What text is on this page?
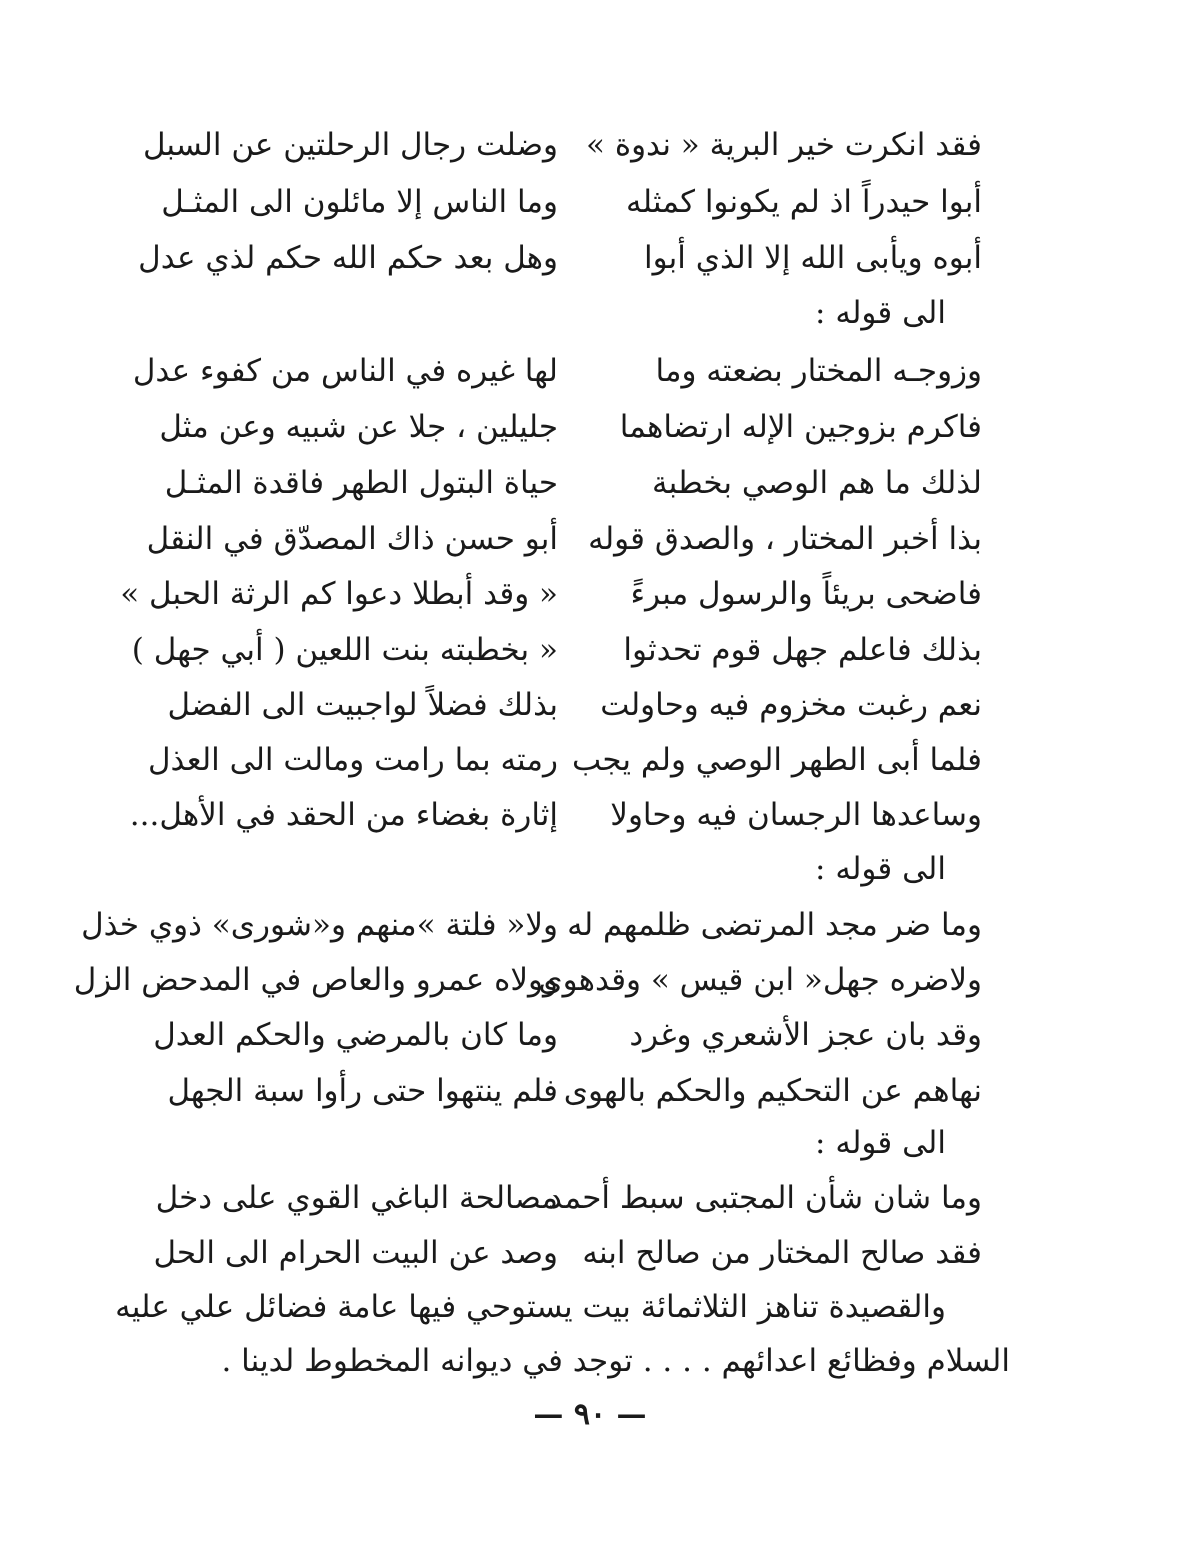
فقد انكرت خير البرية « ندوة »
وضلت رجال الرحلتين عن السبل
أبوا حيدراً اذ لم يكونوا كمثله
وما الناس إلا مائلون الى المثـل
أبوه ويأبى الله إلا الذي أبوا
وهل بعد حكم الله حكم لذي عدل
الى قوله :
وزوجـه المختار بضعته وما
لها غيره في الناس من كفوء عدل
فاكرم بزوجين الإله ارتضاهما
جليلين ، جلا عن شبيه وعن مثل
لذلك ما هم الوصي بخطبة
حياة البتول الطهر فاقدة المثـل
بذا أخبر المختار ، والصدق قوله
أبو حسن ذاك المصدّق في النقل
فاضحى بريئاً والرسول مبرءً
« وقد أبطلا دعوا كم الرثة الحبل »
بذلك فاعلم جهل قوم تحدثوا
« بخطبته بنت اللعين ( أبي جهل )
نعم رغبت مخزوم فيه وحاولت
بذلك فضلاً لواجبيت الى الفضل
فلما أبى الطهر الوصي ولم يجب
رمته بما رامت ومالت الى العذل
وساعدها الرجسان فيه وحاولا
إثارة بغضاء من الحقد في الأهل...
الى قوله :
وما ضر مجد المرتضى ظلمهم له
ولا« فلتة »منهم و«شورى» ذوي خذل
ولاضره جهل« ابن قيس » وقدهوى
وولاه عمرو والعاص في المدحض الزل
وقد بان عجز الأشعري وغرد
وما كان بالمرضي والحكم العدل
نهاهم عن التحكيم والحكم بالهوى
فلم ينتهوا حتى رأوا سبة الجهل
الى قوله :
وما شان شأن المجتبى سبط أحمد
مصالحة الباغي القوي على دخل
فقد صالح المختار من صالح ابنه
وصد عن البيت الحرام الى الحل
والقصيدة تناهز الثلاثمائة بيت يستوحي فيها عامة فضائل علي عليه
السلام وفظائع اعدائهم . . . . توجد في ديوانه المخطوط لدينا .
— ٩٠ —
